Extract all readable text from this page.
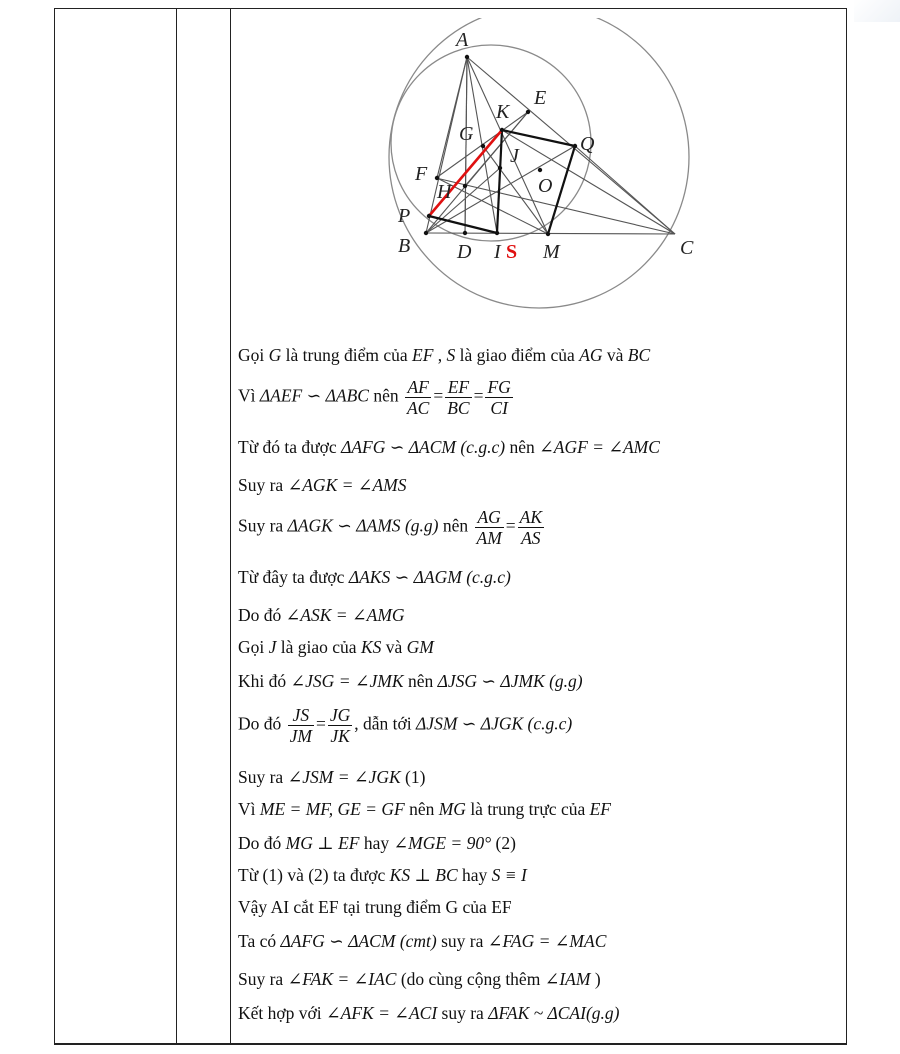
A
E
K
G	Q
J
F
O
H
P
B D I S M	C
Gọi G là trung điểm của EF , S là giao điểm của AG và BC
Vì ΔAEF ∽ ΔABC nên $\frac{AF}{AC} = \frac{EF}{BC} = \frac{FG}{CI}$
Từ đó ta được ΔAFG ∽ ΔACM (c.g.c) nên ∠AGF = ∠AMC
Suy ra ∠AGK = ∠AMS
Suy ra ΔAGK ∽ ΔAMS (g.g) nên $\frac{AG}{AM} = \frac{AK}{AS}$
Từ đây ta được ΔAKS ∽ ΔAGM (c.g.c)
Do đó ∠ASK = ∠AMG
Gọi J là giao của KS và GM
Khi đó ∠JSG = ∠JMK nên ΔJSG ∽ ΔJMK (g.g)
Do đó $\frac{JS}{JM} = \frac{JG}{JK}$ , dẫn tới ΔJSM ∽ ΔJGK (c.g.c)
Suy ra ∠JSM = ∠JGK (1)
Vì ME = MF, GE = GF nên MG là trung trực của EF
Do đó MG ⊥ EF hay ∠MGE = 90° (2)
Từ (1) và (2) ta được KS ⊥ BC hay S ≡ I
Vậy AI cắt EF tại trung điểm G của EF
Ta có ΔAFG ∽ ΔACM (cmt) suy ra ∠FAG = ∠MAC
Suy ra ∠FAK = ∠IAC (do cùng cộng thêm ∠IAM )
Kết hợp với ∠AFK = ∠ACI suy ra ΔFAK ~ ΔCAI(g.g)
